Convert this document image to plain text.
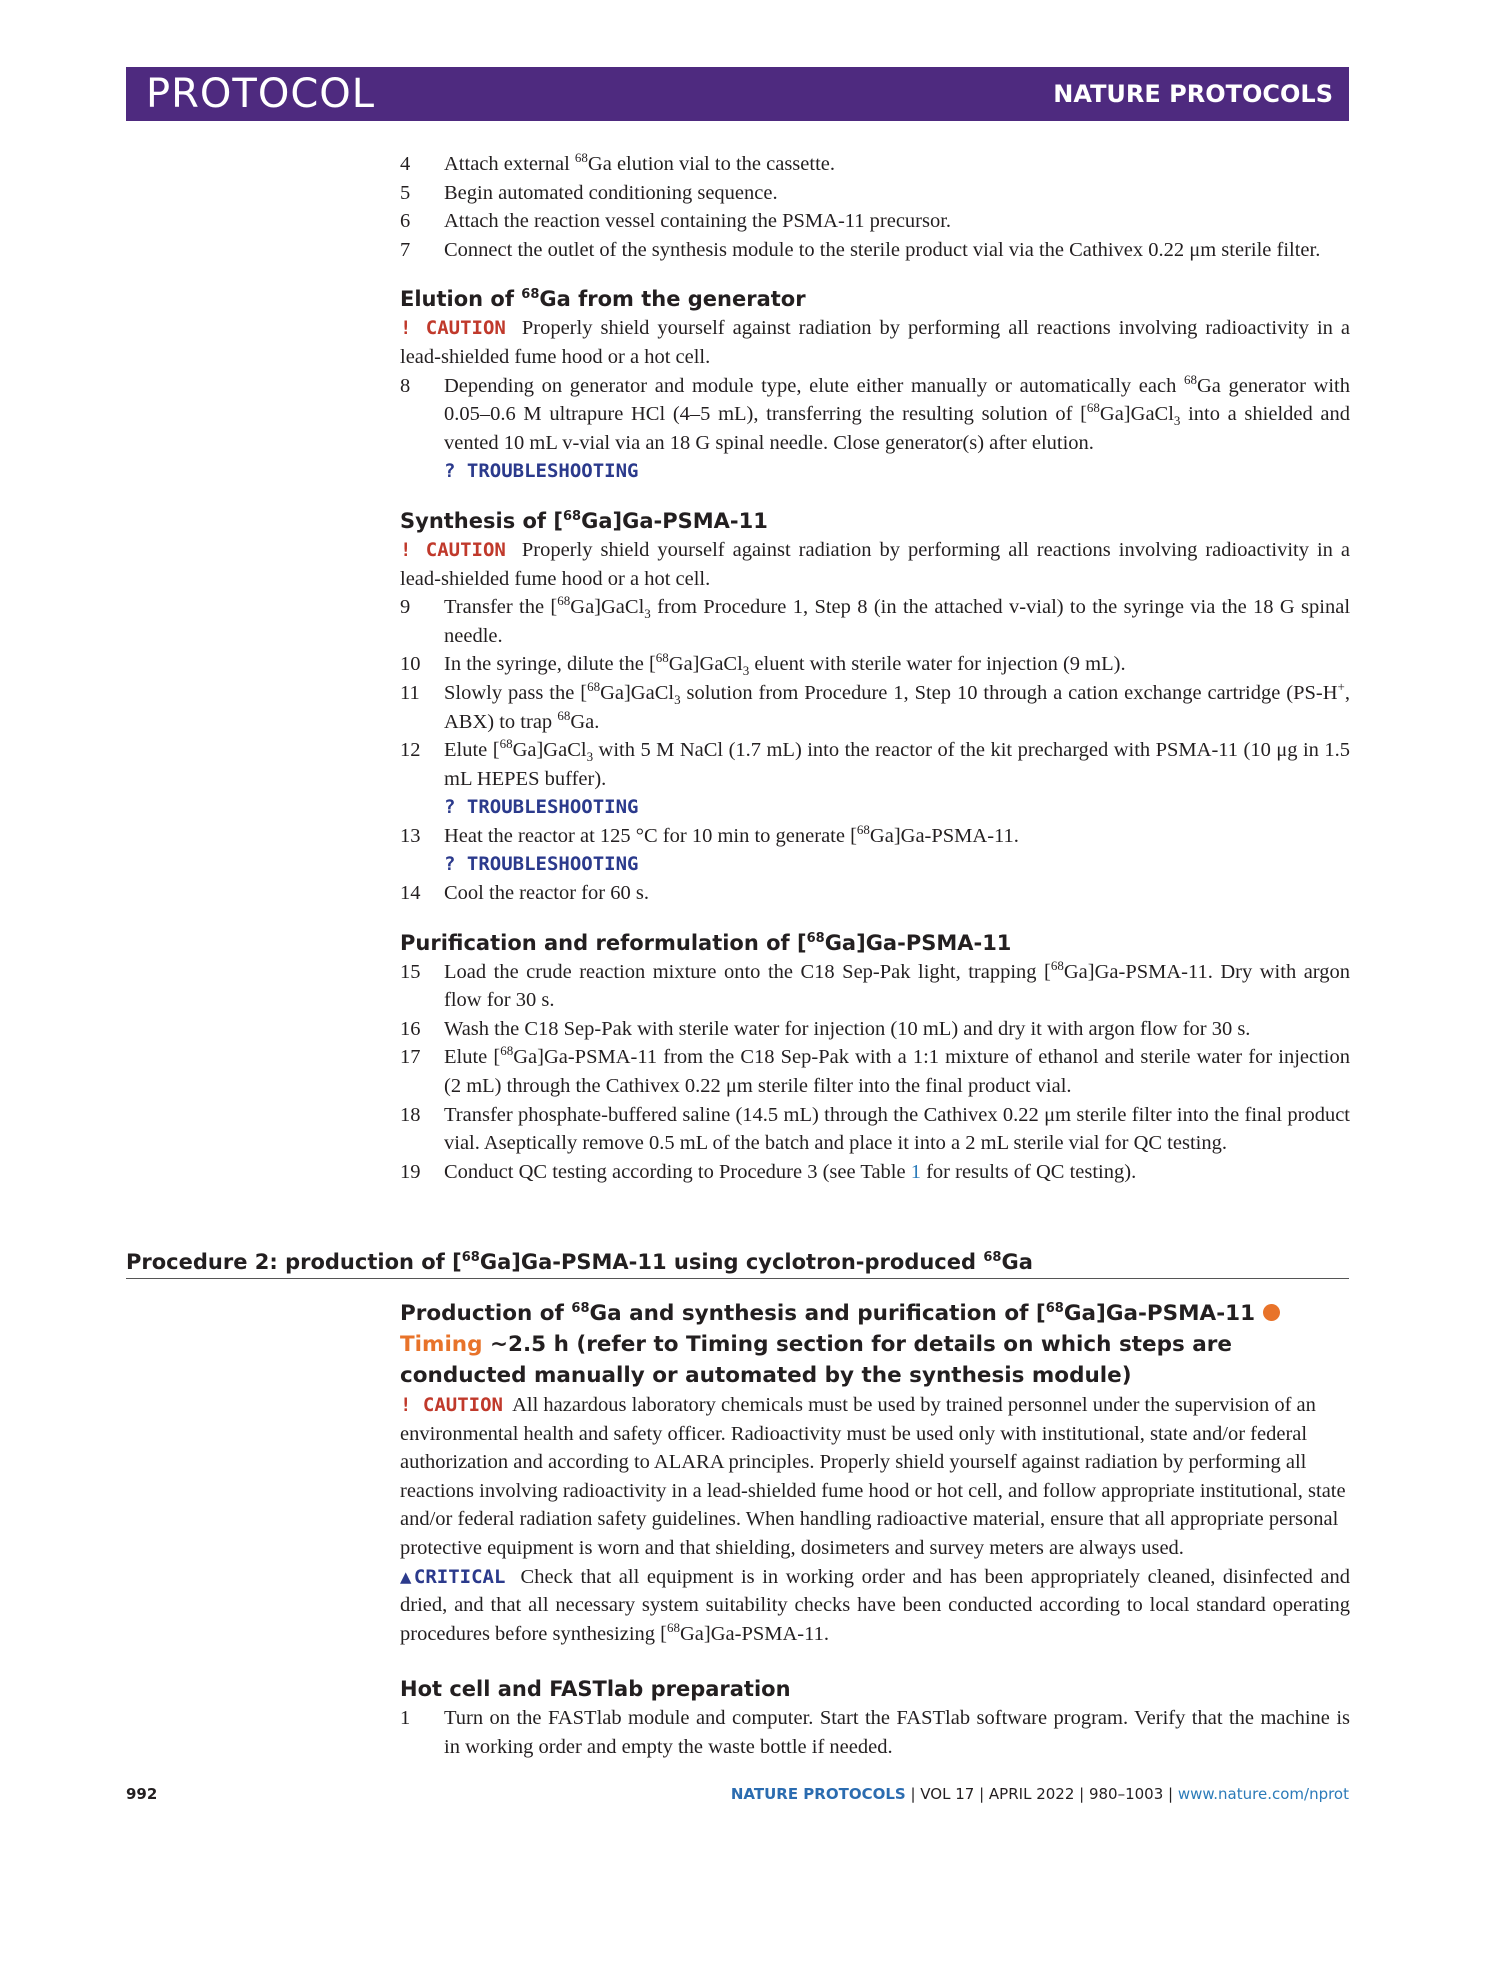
PROTOCOL	NATURE PROTOCOLS
4	Attach external $^{68}$Ga elution vial to the cassette.
5	Begin automated conditioning sequence.
6	Attach the reaction vessel containing the PSMA-11 precursor.
7	Connect the outlet of the synthesis module to the sterile product vial via the Cathivex 0.22 μm sterile filter.
Elution of $^{68}$Ga from the generator
! CAUTION Properly shield yourself against radiation by performing all reactions involving radioactivity in a lead-shielded fume hood or a hot cell.
8	Depending on generator and module type, elute either manually or automatically each $^{68}$Ga generator with 0.05–0.6 M ultrapure HCl (4–5 mL), transferring the resulting solution of [$^{68}$Ga]GaCl$_3$ into a shielded and vented 10 mL v-vial via an 18 G spinal needle. Close generator(s) after elution.
? TROUBLESHOOTING
Synthesis of [$^{68}$Ga]Ga-PSMA-11
! CAUTION Properly shield yourself against radiation by performing all reactions involving radioactivity in a lead-shielded fume hood or a hot cell.
9	Transfer the [$^{68}$Ga]GaCl$_3$ from Procedure 1, Step 8 (in the attached v-vial) to the syringe via the 18 G spinal needle.
10	In the syringe, dilute the [$^{68}$Ga]GaCl$_3$ eluent with sterile water for injection (9 mL).
11	Slowly pass the [$^{68}$Ga]GaCl$_3$ solution from Procedure 1, Step 10 through a cation exchange cartridge (PS-H+, ABX) to trap $^{68}$Ga.
12	Elute [$^{68}$Ga]GaCl$_3$ with 5 M NaCl (1.7 mL) into the reactor of the kit precharged with PSMA-11 (10 μg in 1.5 mL HEPES buffer).
? TROUBLESHOOTING
13	Heat the reactor at 125 °C for 10 min to generate [$^{68}$Ga]Ga-PSMA-11.
? TROUBLESHOOTING
14	Cool the reactor for 60 s.
Purification and reformulation of [$^{68}$Ga]Ga-PSMA-11
15	Load the crude reaction mixture onto the C18 Sep-Pak light, trapping [$^{68}$Ga]Ga-PSMA-11. Dry with argon flow for 30 s.
16	Wash the C18 Sep-Pak with sterile water for injection (10 mL) and dry it with argon flow for 30 s.
17	Elute [$^{68}$Ga]Ga-PSMA-11 from the C18 Sep-Pak with a 1:1 mixture of ethanol and sterile water for injection (2 mL) through the Cathivex 0.22 μm sterile filter into the final product vial.
18	Transfer phosphate-buffered saline (14.5 mL) through the Cathivex 0.22 μm sterile filter into the final product vial. Aseptically remove 0.5 mL of the batch and place it into a 2 mL sterile vial for QC testing.
19	Conduct QC testing according to Procedure 3 (see Table 1 for results of QC testing).
Procedure 2: production of [$^{68}$Ga]Ga-PSMA-11 using cyclotron-produced $^{68}$Ga
Production of $^{68}$Ga and synthesis and purification of [$^{68}$Ga]Ga-PSMA-11  Timing ~2.5 h (refer to Timing section for details on which steps are conducted manually or automated by the synthesis module)
! CAUTION All hazardous laboratory chemicals must be used by trained personnel under the supervision of an environmental health and safety officer. Radioactivity must be used only with institutional, state and/or federal authorization and according to ALARA principles. Properly shield yourself against radiation by performing all reactions involving radioactivity in a lead-shielded fume hood or hot cell, and follow appropriate institutional, state and/or federal radiation safety guidelines. When handling radioactive material, ensure that all appropriate personal protective equipment is worn and that shielding, dosimeters and survey meters are always used.
▲CRITICAL Check that all equipment is in working order and has been appropriately cleaned, disinfected and dried, and that all necessary system suitability checks have been conducted according to local standard operating procedures before synthesizing [$^{68}$Ga]Ga-PSMA-11.
Hot cell and FASTlab preparation
1	Turn on the FASTlab module and computer. Start the FASTlab software program. Verify that the machine is in working order and empty the waste bottle if needed.
992	NATURE PROTOCOLS | VOL 17 | APRIL 2022 | 980–1003 | www.nature.com/nprot
